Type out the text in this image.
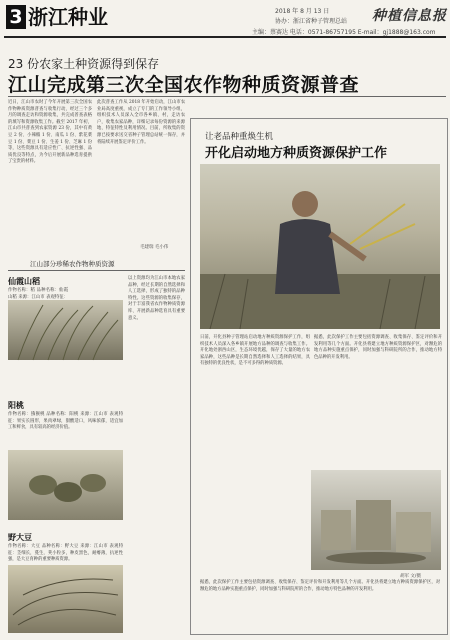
3 浙江种业	2018 年 8 月 13 日
协办：浙江省种子管理总站
主编：蔡赛达 电话：0571-86757195 E-mail：gj1888@163.com
种植信息报
23 份农家土种资源得到保存
江山完成第三次全国农作物种质资源普查
近日，江山市农时了今年开展第三次全国农作物种质资源普查与收集行动，经过三个多月的调查走访和资源收集，共完成普查表格的填写和资源收集工作。截至 2017 年初，江山市共普查到农家资源 23 份，其中有黄豆 2 份、小辣椒 1 份、南瓜 1 份、紫花菜豆 1 份、菜豆 1 份、生姜 1 份、芝麻 1 份等，这些资源具有适应性广、抗逆性强、品质优良等特点，为今后开展新品种选育提供了宝贵的材料。
此次普查工作从 2018 年开始启动，江山市农业局高度重视，成立了专门的工作领导小组，组织技术人员深入全市各乡镇、村，走访农户，收集农家品种，详细记录每份资源的来源地、特征特性及利用情况。目前，所收集的资源已按要求送交省种子管理总站统一保存，并将陆续开展鉴定评价工作。
毛建瑞 毛小伟
江山部分珍稀农作物种质资源
仙霞山稻
作物名称：稻 品种名称：仙霞山稻 来源：江山市 表观特征：
以上资源均为江山市本地农家品种，经过长期的自然选择和人工选择，形成了独特的品种特性。这些资源的收集保存，对于丰富我省农作物种质资源库、开展新品种选育具有重要意义。
阳桃
作物名称：猕猴桃 品种名称：阳桃 来源：江山市 表观特征：果实长圆形，果肉翠绿，甜酸适口，风味浓郁，适宜加工和鲜食，具有较高的经济价值。
野大豆
作物名称：大豆 品种名称：野大豆 来源：江山市 表观特征：茎细长，蔓生，荚小粒多，种皮黑色，耐瘠薄，抗逆性强，是大豆育种的重要种质资源。
让老品种重焕生机
开化启动地方种质资源保护工作
日前，开化县种子管理站启动地方种质资源保护工作，组织技术人员深入各乡镇开展地方品种的调查与收集工作。开化地处浙西山区，生态环境优越，保存了大量的地方农家品种，这些品种是长期自然选择和人工选择的结果，具有独特的优良性状，是不可多得的种质资源。
据悉，此次保护工作主要包括资源调查、收集保存、鉴定评价和开发利用等几个方面。开化县将建立地方种质资源保护区，对濒危的地方品种实施重点保护，同时加强与科研院所的合作，推动地方特色品种的开发利用。
胡军 文/摄
据悉，此次保护工作主要包括资源调查、收集保存、鉴定评价和开发利用等几个方面。开化县将建立地方种质资源保护区，对濒危的地方品种实施重点保护，同时加强与科研院所的合作，推动地方特色品种的开发利用。
